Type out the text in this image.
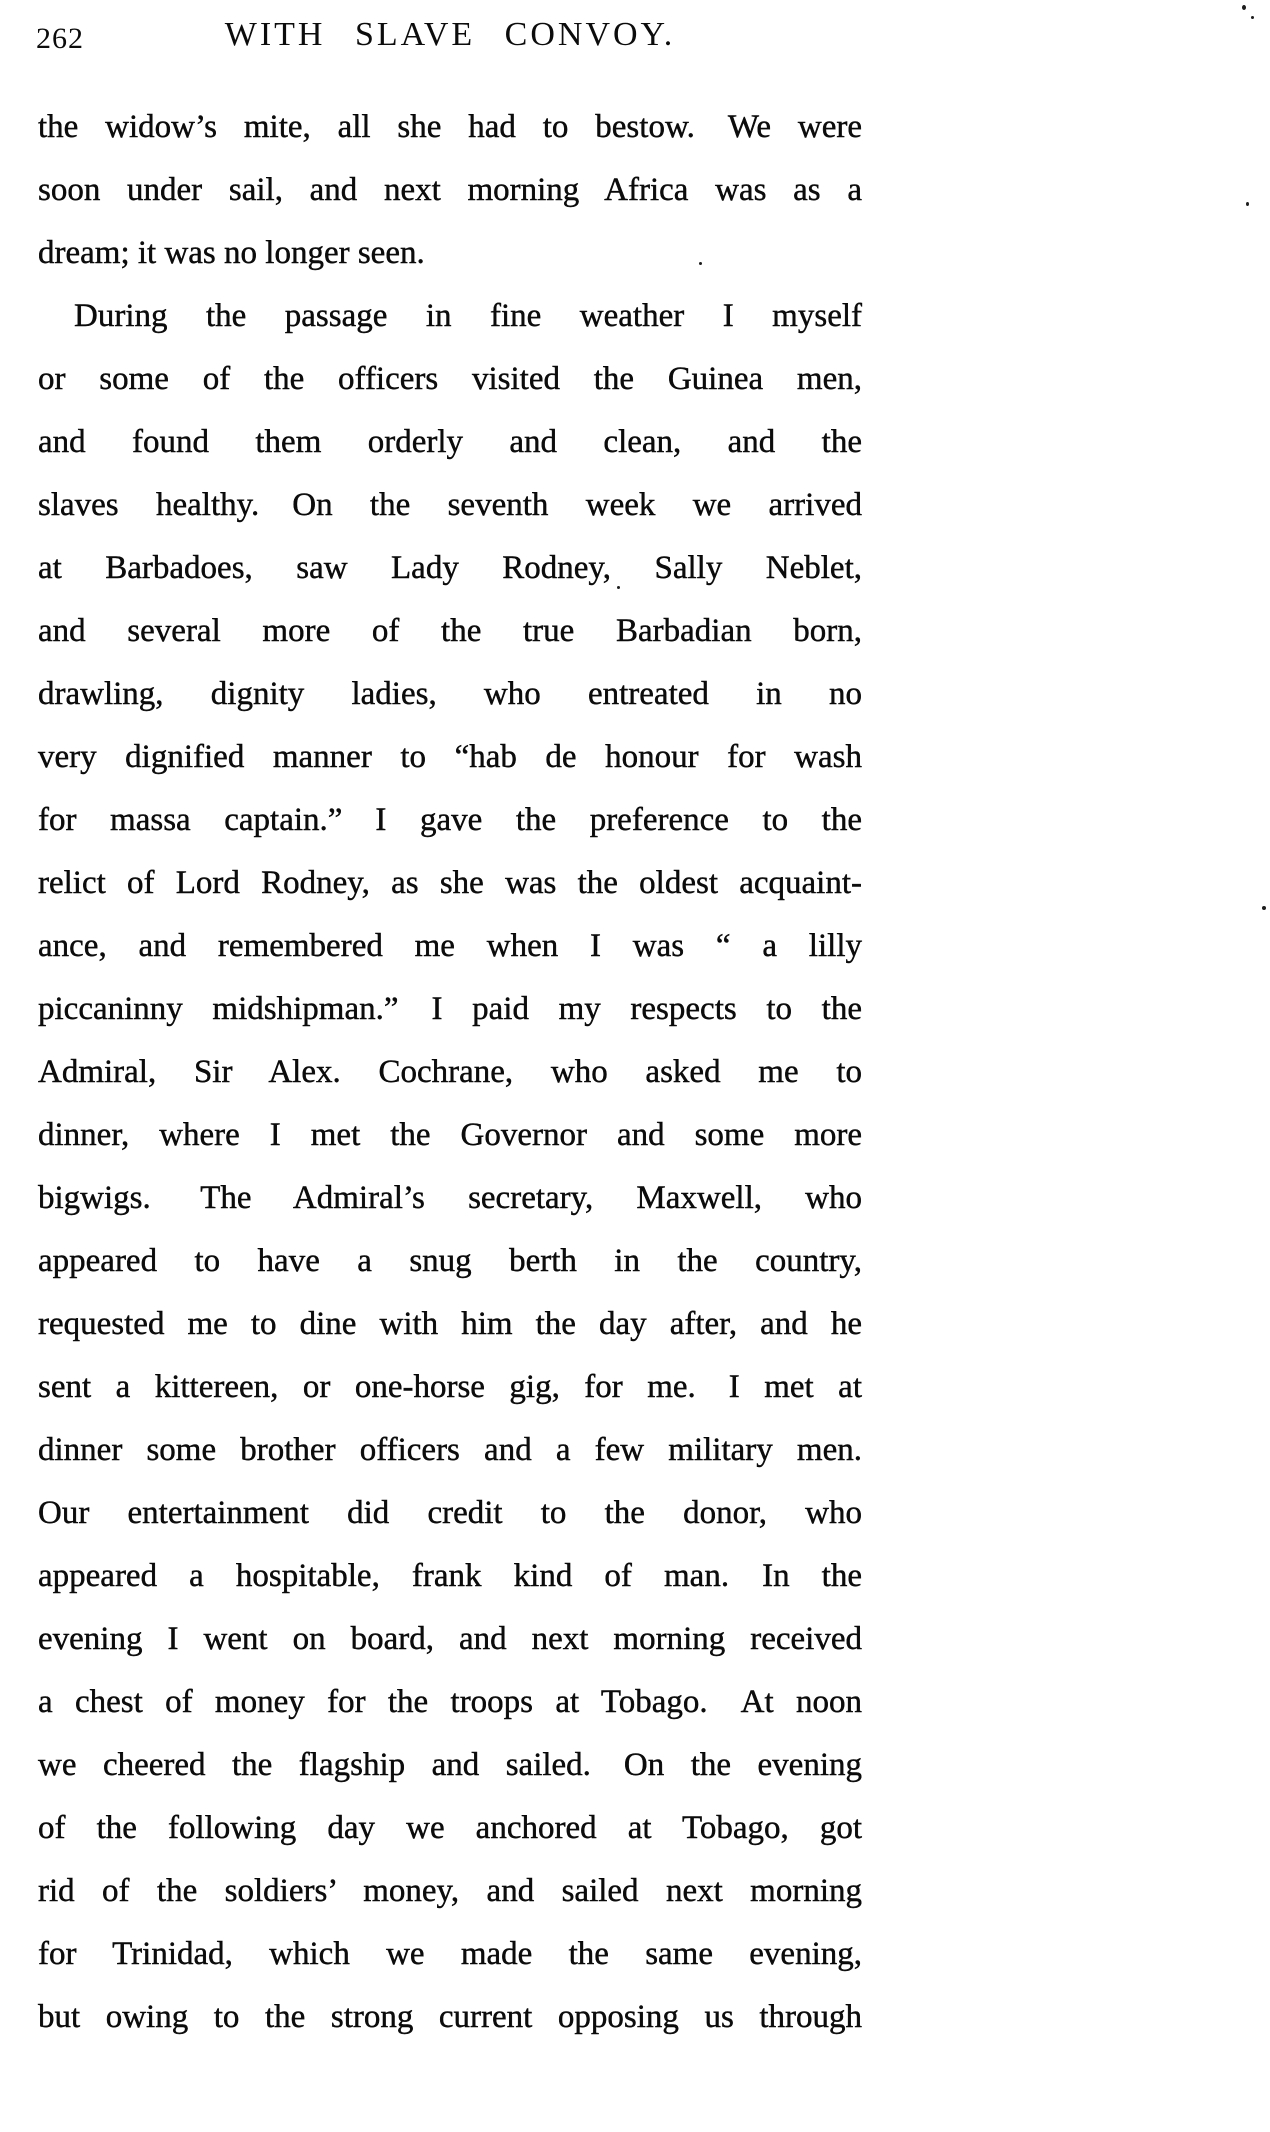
262	WITH SLAVE CONVOY.
the widow’s mite, all she had to bestow. We were
soon under sail, and next morning Africa was as a
dream; it was no longer seen.
During the passage in fine weather I myself
or some of the officers visited the Guinea men,
and found them orderly and clean, and the
slaves healthy. On the seventh week we arrived
at Barbadoes, saw Lady Rodney, Sally Neblet,
and several more of the true Barbadian born,
drawling, dignity ladies, who entreated in no
very dignified manner to “hab de honour for wash
for massa captain.” I gave the preference to the
relict of Lord Rodney, as she was the oldest acquaint-
ance, and remembered me when I was “ a lilly
piccaninny midshipman.” I paid my respects to the
Admiral, Sir Alex. Cochrane, who asked me to
dinner, where I met the Governor and some more
bigwigs.  The Admiral’s secretary, Maxwell, who
appeared to have a snug berth in the country,
requested me to dine with him the day after, and he
sent a kittereen, or one-horse gig, for me. I met at
dinner some brother officers and a few military men.
Our entertainment did credit to the donor, who
appeared a hospitable, frank kind of man. In the
evening I went on board, and next morning received
a chest of money for the troops at Tobago. At noon
we cheered the flagship and sailed. On the evening
of the following day we anchored at Tobago, got
rid of the soldiers’ money, and sailed next morning
for Trinidad, which we made the same evening,
but owing to the strong current opposing us through
